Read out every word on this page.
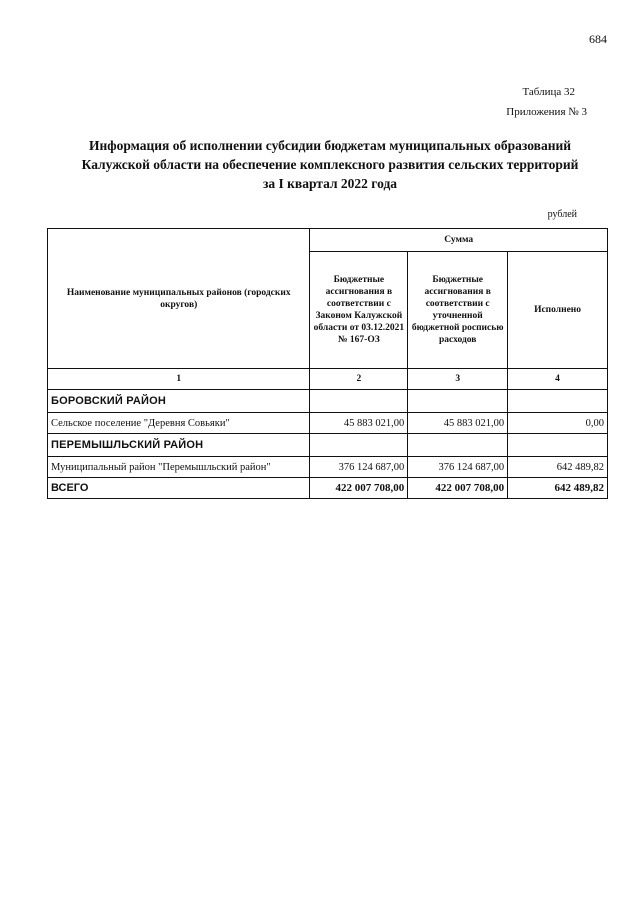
684
Таблица 32
Приложения № 3
Информация об исполнении субсидии бюджетам муниципальных образований
Калужской области на обеспечение комплексного развития сельских территорий
за I квартал 2022 года
рублей
Наименование муниципальных районов (городских округов)	Сумма		
	Бюджетные ассигнования в соответствии с Законом Калужской области от 03.12.2021 № 167-ОЗ	Бюджетные ассигнования в соответствии с уточненной бюджетной росписью расходов	Исполнено
1	2	3	4
БОРОВСКИЙ РАЙОН			
Сельское поселение "Деревня Совьяки"	45 883 021,00	45 883 021,00	0,00
ПЕРЕМЫШЛЬСКИЙ РАЙОН			
Муниципальный район "Перемышльский район"	376 124 687,00	376 124 687,00	642 489,82
ВСЕГО	422 007 708,00	422 007 708,00	642 489,82
